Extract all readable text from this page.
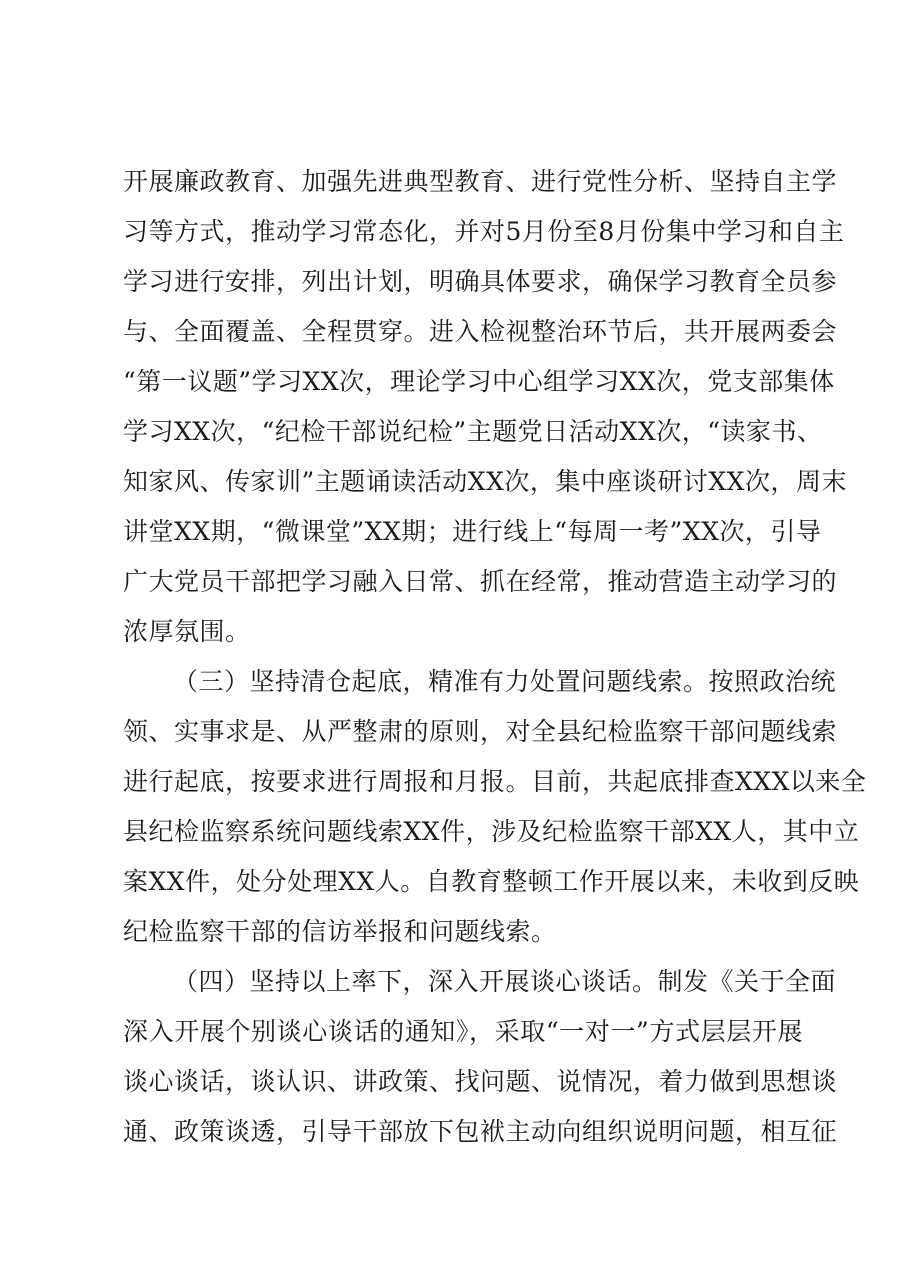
开展廉政教育、加强先进典型教育、进行党性分析、坚持自主学
习等方式，推动学习常态化，并对5月份至8月份集中学习和自主
学习进行安排，列出计划，明确具体要求，确保学习教育全员参
与、全面覆盖、全程贯穿。进入检视整治环节后，共开展两委会
“第一议题”学习XX次，理论学习中心组学习XX次，党支部集体
学习XX次，“纪检干部说纪检”主题党日活动XX次，“读家书、
知家风、传家训”主题诵读活动XX次，集中座谈研讨XX次，周末
讲堂XX期，“微课堂”XX期；进行线上“每周一考”XX次，引导
广大党员干部把学习融入日常、抓在经常，推动营造主动学习的
浓厚氛围。
（三）坚持清仓起底，精准有力处置问题线索。按照政治统
领、实事求是、从严整肃的原则，对全县纪检监察干部问题线索
进行起底，按要求进行周报和月报。目前，共起底排查XXX以来全
县纪检监察系统问题线索XX件，涉及纪检监察干部XX人，其中立
案XX件，处分处理XX人。自教育整顿工作开展以来，未收到反映
纪检监察干部的信访举报和问题线索。
（四）坚持以上率下，深入开展谈心谈话。制发《关于全面
深入开展个别谈心谈话的通知》，采取“一对一”方式层层开展
谈心谈话，谈认识、讲政策、找问题、说情况，着力做到思想谈
通、政策谈透，引导干部放下包袱主动向组织说明问题，相互征
